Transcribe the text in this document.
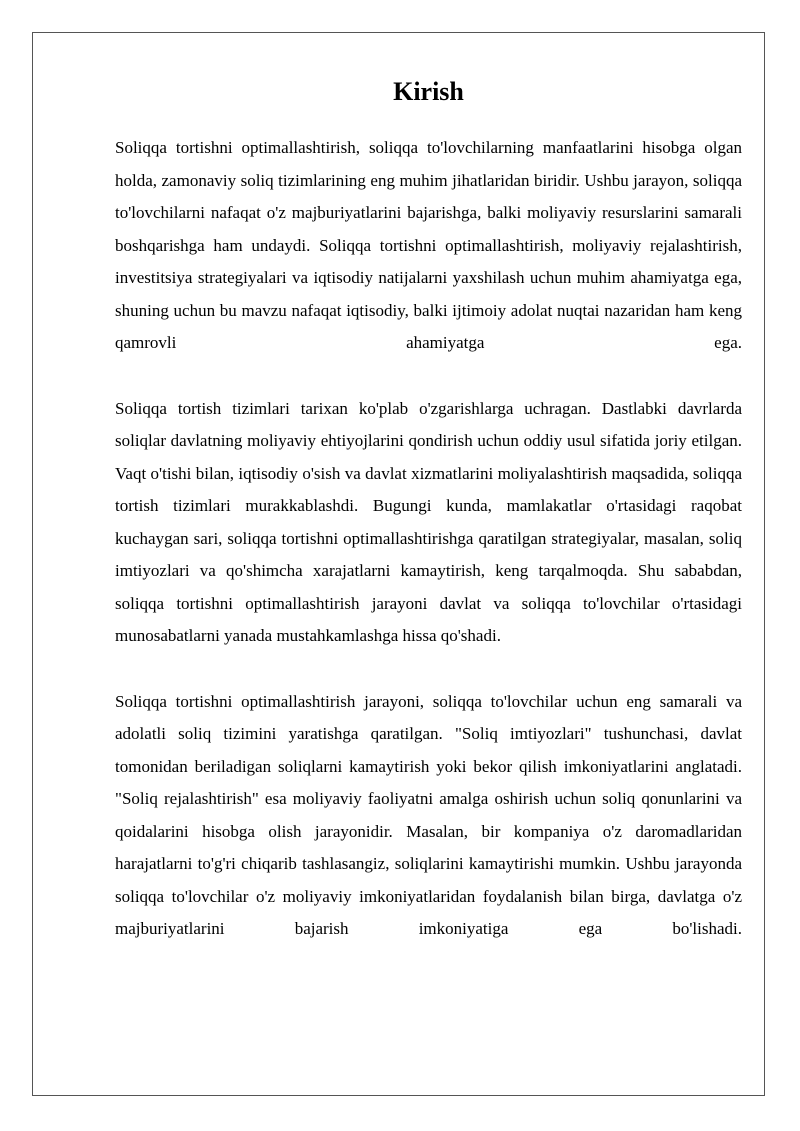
Kirish

Soliqqa tortishni optimallashtirish, soliqqa to'lovchilarning manfaatlarini hisobga olgan holda, zamonaviy soliq tizimlarining eng muhim jihatlaridan biridir. Ushbu jarayon, soliqqa to'lovchilarni nafaqat o'z majburiyatlarini bajarishga, balki moliyaviy resurslarini samarali boshqarishga ham undaydi. Soliqqa tortishni optimallashtirish, moliyaviy rejalashtirish, investitsiya strategiyalari va iqtisodiy natijalarni yaxshilash uchun muhim ahamiyatga ega, shuning uchun bu mavzu nafaqat iqtisodiy, balki ijtimoiy adolat nuqtai nazaridan ham keng qamrovli ahamiyatga ega.

Soliqqa tortish tizimlari tarixan ko'plab o'zgarishlarga uchragan. Dastlabki davrlarda soliqlar davlatning moliyaviy ehtiyojlarini qondirish uchun oddiy usul sifatida joriy etilgan. Vaqt o'tishi bilan, iqtisodiy o'sish va davlat xizmatlarini moliyalashtirish maqsadida, soliqqa tortish tizimlari murakkablashdi. Bugungi kunda, mamlakatlar o'rtasidagi raqobat kuchaygan sari, soliqqa tortishni optimallashtirishga qaratilgan strategiyalar, masalan, soliq imtiyozlari va qo'shimcha xarajatlarni kamaytirish, keng tarqalmoqda. Shu sababdan, soliqqa tortishni optimallashtirish jarayoni davlat va soliqqa to'lovchilar o'rtasidagi munosabatlarni yanada mustahkamlashga hissa qo'shadi.

Soliqqa tortishni optimallashtirish jarayoni, soliqqa to'lovchilar uchun eng samarali va adolatli soliq tizimini yaratishga qaratilgan. "Soliq imtiyozlari" tushunchasi, davlat tomonidan beriladigan soliqlarni kamaytirish yoki bekor qilish imkoniyatlarini anglatadi. "Soliq rejalashtirish" esa moliyaviy faoliyatni amalga oshirish uchun soliq qonunlarini va qoidalarini hisobga olish jarayonidir. Masalan, bir kompaniya o'z daromadlaridan harajatlarni to'g'ri chiqarib tashlasangiz, soliqlarini kamaytirishi mumkin. Ushbu jarayonda soliqqa to'lovchilar o'z moliyaviy imkoniyatlaridan foydalanish bilan birga, davlatga o'z majburiyatlarini bajarish imkoniyatiga ega bo'lishadi.
